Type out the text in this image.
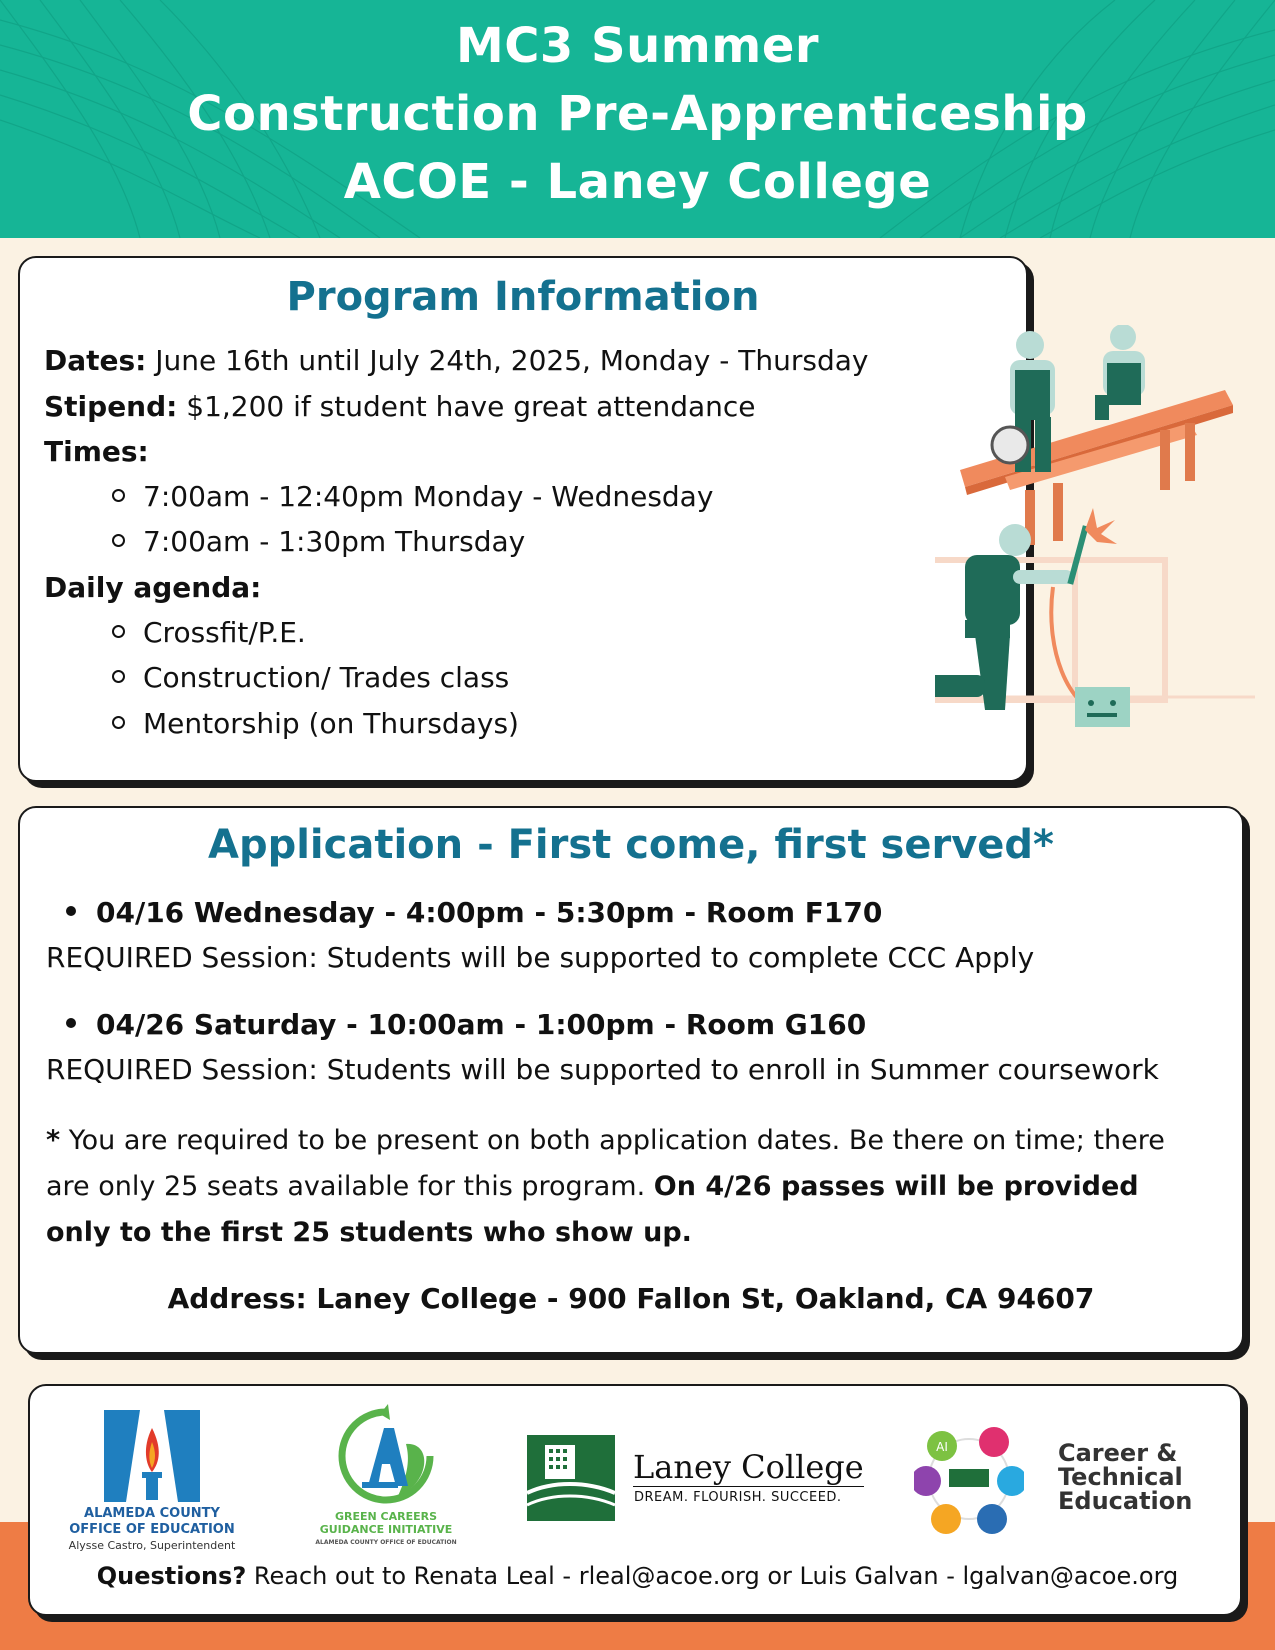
MC3 Summer
Construction Pre-Apprenticeship
ACOE - Laney College
Program Information
Dates: June 16th until July 24th, 2025, Monday - Thursday
Stipend: $1,200 if student have great attendance
Times:
7:00am - 12:40pm Monday - Wednesday
7:00am - 1:30pm Thursday
Daily agenda:
Crossfit/P.E.
Construction/ Trades class
Mentorship (on Thursdays)
Application - First come, first served*
04/16 Wednesday - 4:00pm - 5:30pm - Room F170
REQUIRED Session: Students will be supported to complete CCC Apply
04/26 Saturday - 10:00am - 1:00pm - Room G160
REQUIRED Session: Students will be supported to enroll in Summer coursework
* You are required to be present on both application dates. Be there on time; there are only 25 seats available for this program. On 4/26 passes will be provided only to the first 25 students who show up.
Address: Laney College - 900 Fallon St, Oakland, CA 94607
ALAMEDA COUNTY
OFFICE OF EDUCATION
Alysse Castro, Superintendent
GREEN CAREERS
GUIDANCE INITIATIVE
ALAMEDA COUNTY OFFICE OF EDUCATION
Laney College
DREAM. FLOURISH. SUCCEED.
AI	Career &
Technical
Education
Questions? Reach out to Renata Leal - rleal@acoe.org or Luis Galvan - lgalvan@acoe.org
